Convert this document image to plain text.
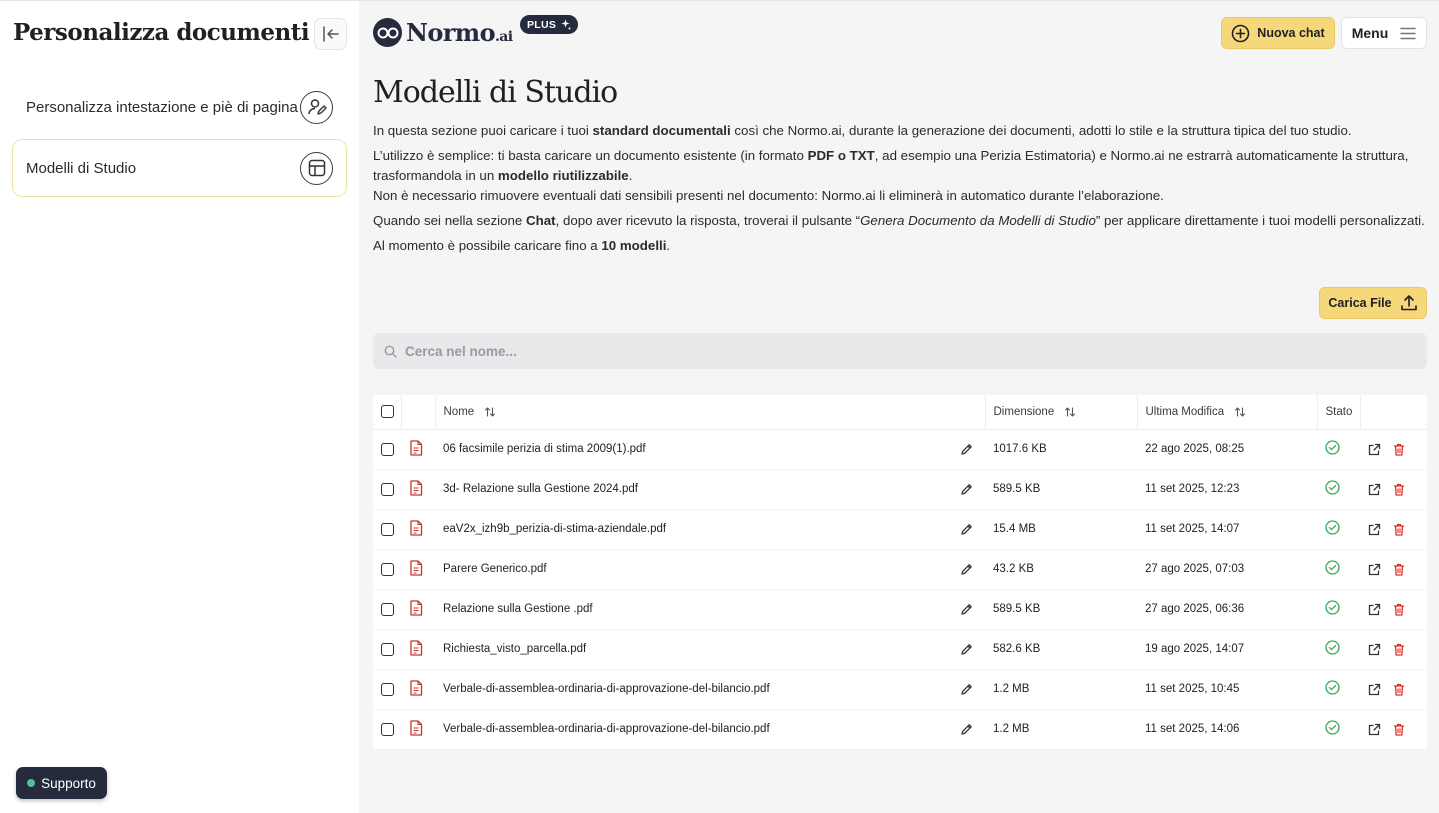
Personalizza documenti
Personalizza intestazione e piè di pagina
Modelli di Studio
Supporto
Normo.ai
PLUS
Nuova chat Menu
Modelli di Studio

In questa sezione puoi caricare i tuoi standard documentali così che Normo.ai, durante la generazione dei documenti, adotti lo stile e la struttura tipica del tuo studio.

L’utilizzo è semplice: ti basta caricare un documento esistente (in formato PDF o TXT, ad esempio una Perizia Estimatoria) e Normo.ai ne estrarrà automaticamente la struttura, trasformandola in un modello riutilizzabile.

Non è necessario rimuovere eventuali dati sensibili presenti nel documento: Normo.ai li eliminerà in automatico durante l’elaborazione.

Quando sei nella sezione Chat, dopo aver ricevuto la risposta, troverai il pulsante “Genera Documento da Modelli di Studio” per applicare direttamente i tuoi modelli personalizzati.

Al momento è possibile caricare fino a 10 modelli.

Carica File
Cerca nel nome...
		Nome	Dimensione	Ultima Modifica	Stato	

06 facsimile perizia di stima 2009(1).pdf	1017.6 KB	22 ago 2025, 08:25		

3d- Relazione sulla Gestione 2024.pdf	589.5 KB	11 set 2025, 12:23		

eaV2x_izh9b_perizia-di-stima-aziendale.pdf	15.4 MB	11 set 2025, 14:07		

Parere Generico.pdf	43.2 KB	27 ago 2025, 07:03		

Relazione sulla Gestione .pdf	589.5 KB	27 ago 2025, 06:36		

Richiesta_visto_parcella.pdf	582.6 KB	19 ago 2025, 14:07		

Verbale-di-assemblea-ordinaria-di-approvazione-del-bilancio.pdf	1.2 MB	11 set 2025, 10:45		

Verbale-di-assemblea-ordinaria-di-approvazione-del-bilancio.pdf	1.2 MB	11 set 2025, 14:06		
